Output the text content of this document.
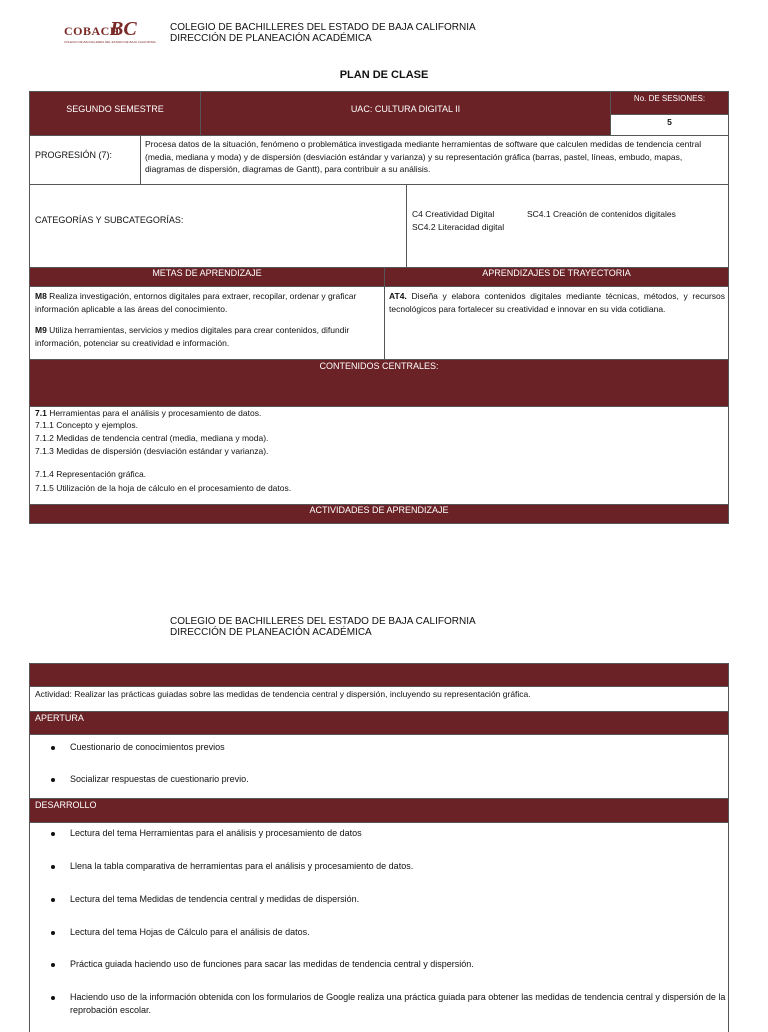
COBACH
BC
COLEGIO DE BACHILLERES DEL ESTADO DE BAJA CALIFORNIA
COLEGIO DE BACHILLERES DEL ESTADO DE BAJA CALIFORNIA
DIRECCIÓN DE PLANEACIÓN ACADÉMICA
PLAN DE CLASE
SEGUNDO SEMESTRE	UAC: CULTURA DIGITAL II
No. DE SESIONES:
5
PROGRESIÓN (7):
Procesa datos de la situación, fenómeno o problemática investigada mediante herramientas de software que calculen medidas de tendencia central (media, mediana y moda) y de dispersión (desviación estándar y varianza) y su representación gráfica (barras, pastel, líneas, embudo, mapas, diagramas de dispersión, diagramas de Gantt), para contribuir a su análisis.
CATEGORÍAS Y SUBCATEGORÍAS:
C4 Creatividad Digital	SC4.1 Creación de contenidos digitales
SC4.2 Literacidad digital
METAS DE APRENDIZAJE	APRENDIZAJES DE TRAYECTORIA
M8 Realiza investigación, entornos digitales para extraer, recopilar, ordenar y graficar información aplicable a las áreas del conocimiento.
M9 Utiliza herramientas, servicios y medios digitales para crear contenidos, difundir información, potenciar su creatividad e información.
AT4. Diseña y elabora contenidos digitales mediante técnicas, métodos, y recursos tecnológicos para fortalecer su creatividad e innovar en su vida cotidiana.
CONTENIDOS CENTRALES:
7.1 Herramientas para el análisis y procesamiento de datos.
7.1.1 Concepto y ejemplos.
7.1.2 Medidas de tendencia central (media, mediana y moda).
7.1.3 Medidas de dispersión (desviación estándar y varianza).
7.1.4 Representación gráfica.
7.1.5 Utilización de la hoja de cálculo en el procesamiento de datos.
ACTIVIDADES DE APRENDIZAJE
COLEGIO DE BACHILLERES DEL ESTADO DE BAJA CALIFORNIA
DIRECCIÓN DE PLANEACIÓN ACADÉMICA
Actividad: Realizar las prácticas guiadas sobre las medidas de tendencia central y dispersión, incluyendo su representación gráfica.
APERTURA
Cuestionario de conocimientos previos
Socializar respuestas de cuestionario previo.
DESARROLLO
Lectura del tema Herramientas para el análisis y procesamiento de datos
Llena la tabla comparativa de herramientas para el análisis y procesamiento de datos.
Lectura del tema Medidas de tendencia central y medidas de dispersión.
Lectura del tema Hojas de Cálculo para el análisis de datos.
Práctica guiada haciendo uso de funciones para sacar las medidas de tendencia central y dispersión.
Haciendo uso de la información obtenida con los formularios de Google realiza una práctica guiada para obtener las medidas de tendencia central y dispersión de la reprobación escolar.
